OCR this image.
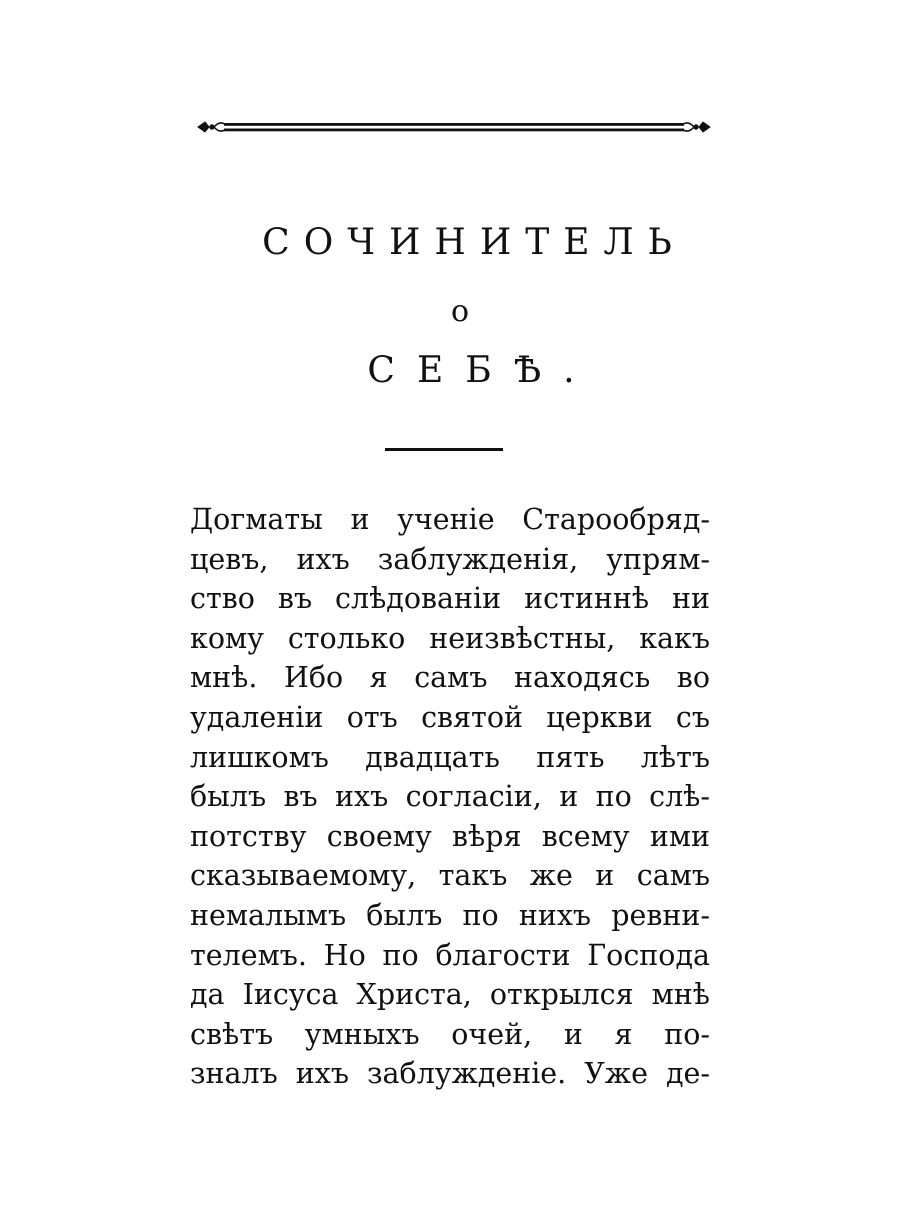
СОЧИНИТЕЛЬ
о
СЕБѢ.
Догматы и ученіе Старообряд-
цевъ, ихъ заблужденія, упрям-
ство въ слѣдованіи истиннѣ ни
кому столько неизвѣстны, какъ
мнѣ. Ибо я самъ находясь во
удаленіи отъ святой церкви съ
лишкомъ двадцать пять лѣтъ
былъ въ ихъ согласіи, и по слѣ-
потству своему вѣря всему ими
сказываемому, такъ же и самъ
немалымъ былъ по нихъ ревни-
телемъ. Но по благости Господа
да Іисуса Христа, открылся мнѣ
свѣтъ умныхъ очей, и я по-
зналъ ихъ заблужденіе. Уже де-
